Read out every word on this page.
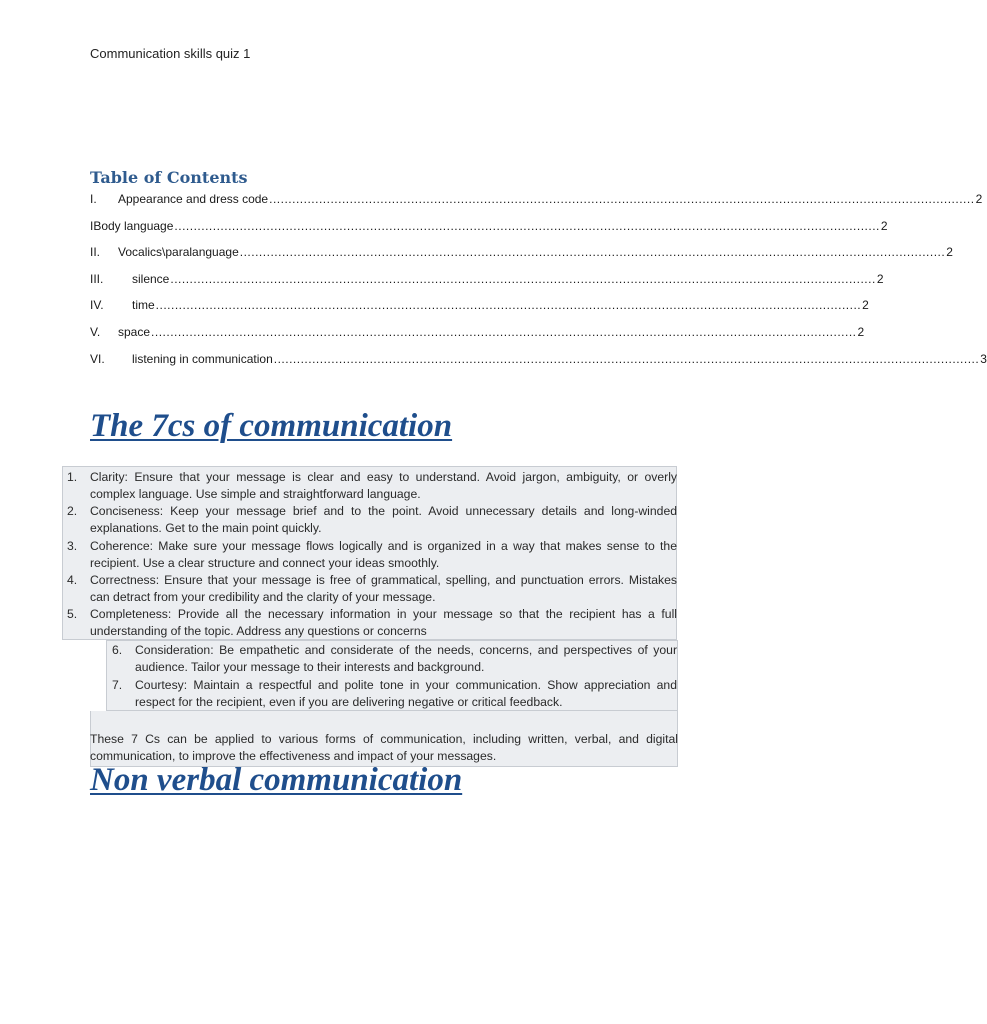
Communication skills quiz 1
Table of Contents
I.	Appearance and dress code ........................................................................................................................................................................................ 2
IBody language ........................................................................................................................................................................................ 2
II.	Vocalics\paralanguage ........................................................................................................................................................................................ 2
III.	silence ........................................................................................................................................................................................ 2
IV.	time ........................................................................................................................................................................................ 2
V.	space ........................................................................................................................................................................................ 2
VI.	listening in communication ........................................................................................................................................................................................ 3
The 7cs of communication
1. Clarity: Ensure that your message is clear and easy to understand. Avoid jargon, ambiguity, or overly complex language. Use simple and straightforward language.
2. Conciseness: Keep your message brief and to the point. Avoid unnecessary details and long-winded explanations. Get to the main point quickly.
3. Coherence: Make sure your message flows logically and is organized in a way that makes sense to the recipient. Use a clear structure and connect your ideas smoothly.
4. Correctness: Ensure that your message is free of grammatical, spelling, and punctuation errors. Mistakes can detract from your credibility and the clarity of your message.
5. Completeness: Provide all the necessary information in your message so that the recipient has a full understanding of the topic. Address any questions or concerns
6. Consideration: Be empathetic and considerate of the needs, concerns, and perspectives of your audience. Tailor your message to their interests and background.
7. Courtesy: Maintain a respectful and polite tone in your communication. Show appreciation and respect for the recipient, even if you are delivering negative or critical feedback.
These 7 Cs can be applied to various forms of communication, including written, verbal, and digital communication, to improve the effectiveness and impact of your messages.
Non verbal communication
